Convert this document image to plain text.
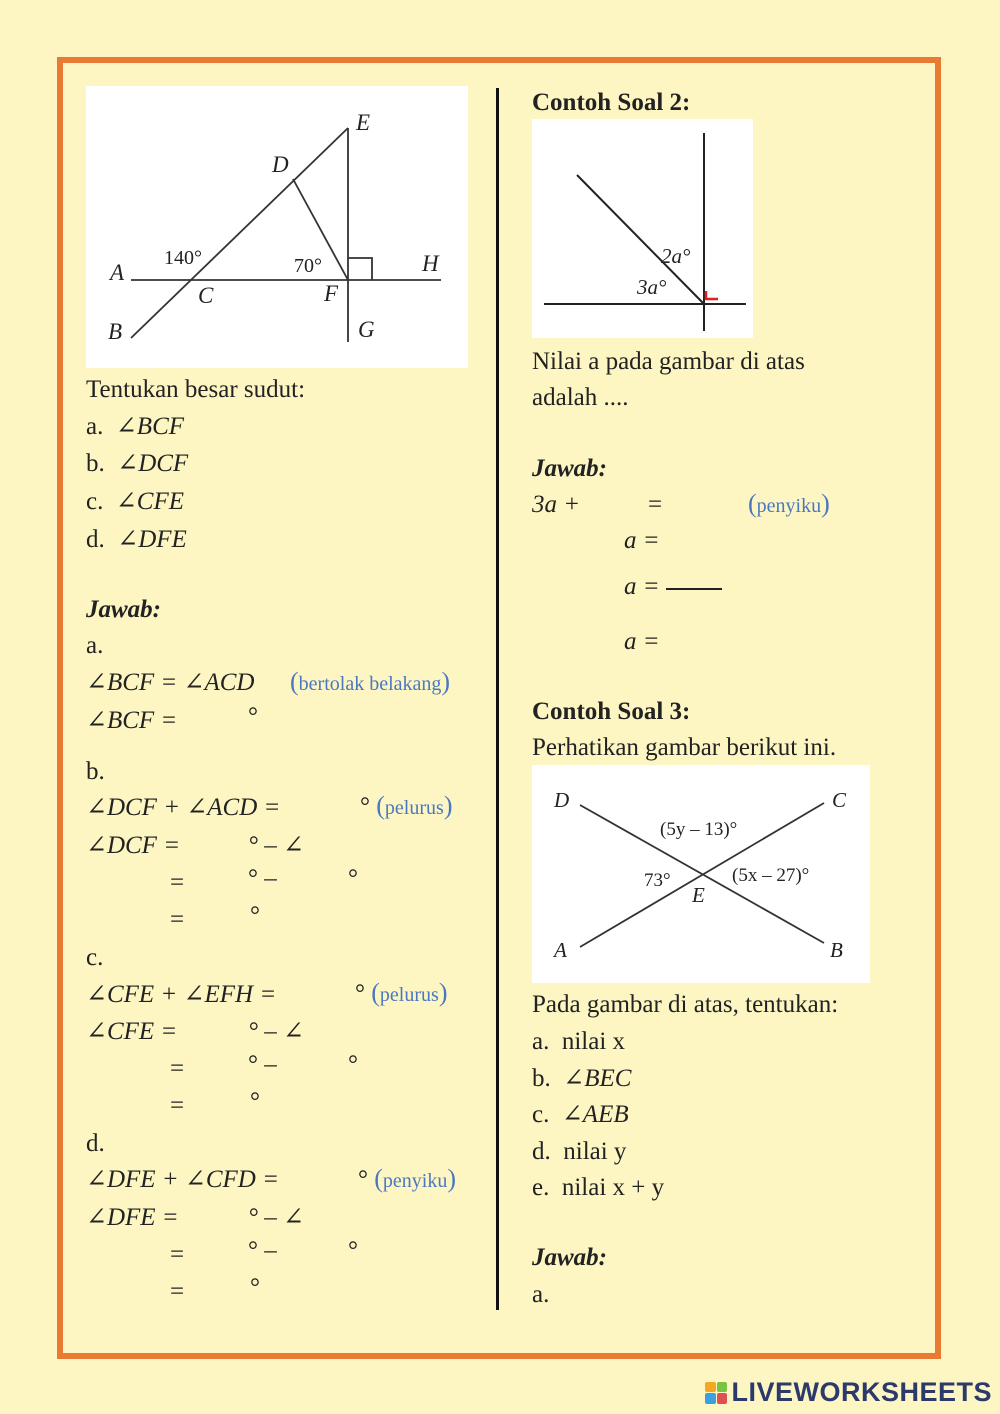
E
D
A	H
C	F
B	G
140°	70°
Tentukan besar sudut:
a. ∠BCF
b. ∠DCF
c. ∠CFE
d. ∠DFE
Jawab:
a.
∠BCF = ∠ACD (bertolak belakang)
∠BCF =	°
b.
∠DCF + ∠ACD =	° (pelurus)
∠DCF =	° – ∠
=	° –	°
=	°
c.
∠CFE + ∠EFH =	° (pelurus)
∠CFE =	° – ∠
=	° –	°
=	°
d.
∠DFE + ∠CFD =	° (penyiku)
∠DFE =	° – ∠
=	° –	°
=	°
Contoh Soal 2:
2a°
3a°
Nilai a pada gambar di atas
adalah ....
Jawab:
3a +	=	(penyiku)
a =
a =
a =
Contoh Soal 3:
Perhatikan gambar berikut ini.
D	C
A	B
E
(5y – 13)°
73°	(5x – 27)°
Pada gambar di atas, tentukan:
a. nilai x
b. ∠BEC
c. ∠AEB
d. nilai y
e. nilai x + y
Jawab:
a.
LIVEWORKSHEETS
